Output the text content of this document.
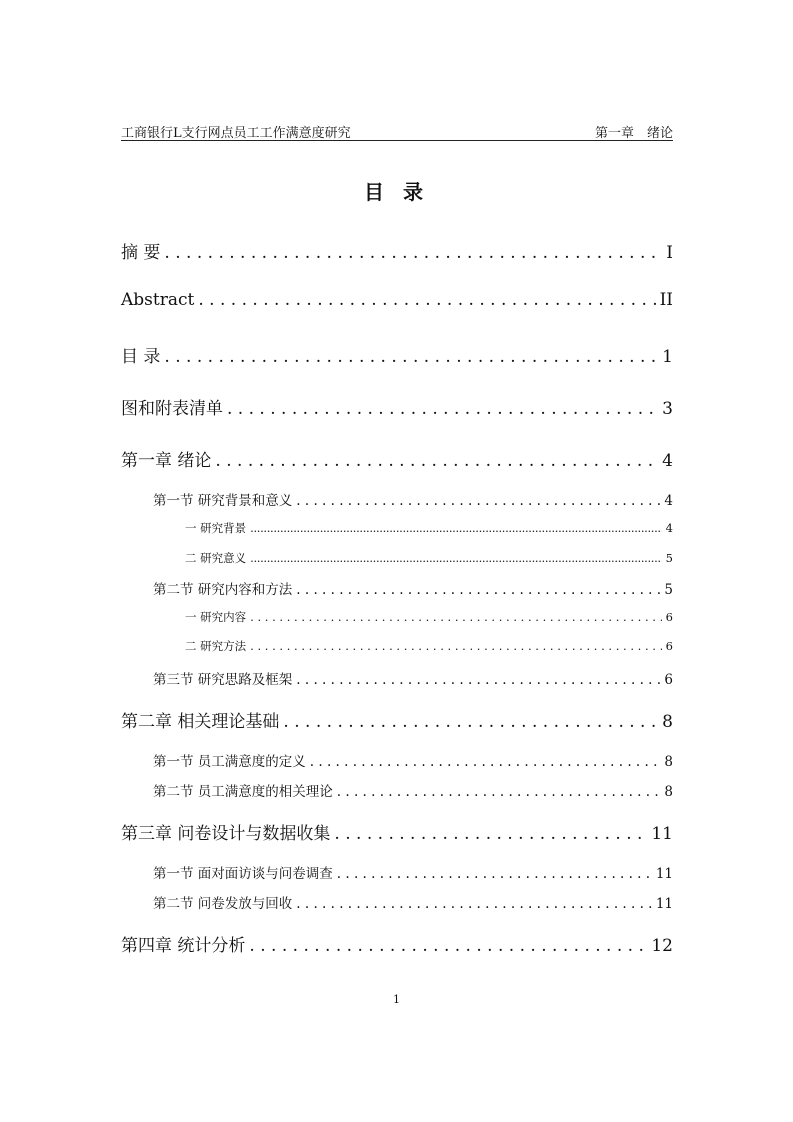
工商银行L支行网点员工工作满意度研究	第一章　绪论
目 录
摘 要 . . .	I
Abstract . . .	II
目 录 . . .	1
图和附表清单 . . .	3
第一章 绪论 . . .	4
第一节 研究背景和意义 . . .	4
一 研究背景 . . .	4
二 研究意义 . . .	5
第二节 研究内容和方法 . . .	5
一 研究内容 . . .	6
二 研究方法 . . .	6
第三节 研究思路及框架 . . .	6
第二章 相关理论基础 . . .	8
第一节 员工满意度的定义 . . .	8
第二节 员工满意度的相关理论 . . .	8
第三章 问卷设计与数据收集 . . .	11
第一节 面对面访谈与问卷调查 . . .	11
第二节 问卷发放与回收 . . .	11
第四章 统计分析 . . .	12
1
